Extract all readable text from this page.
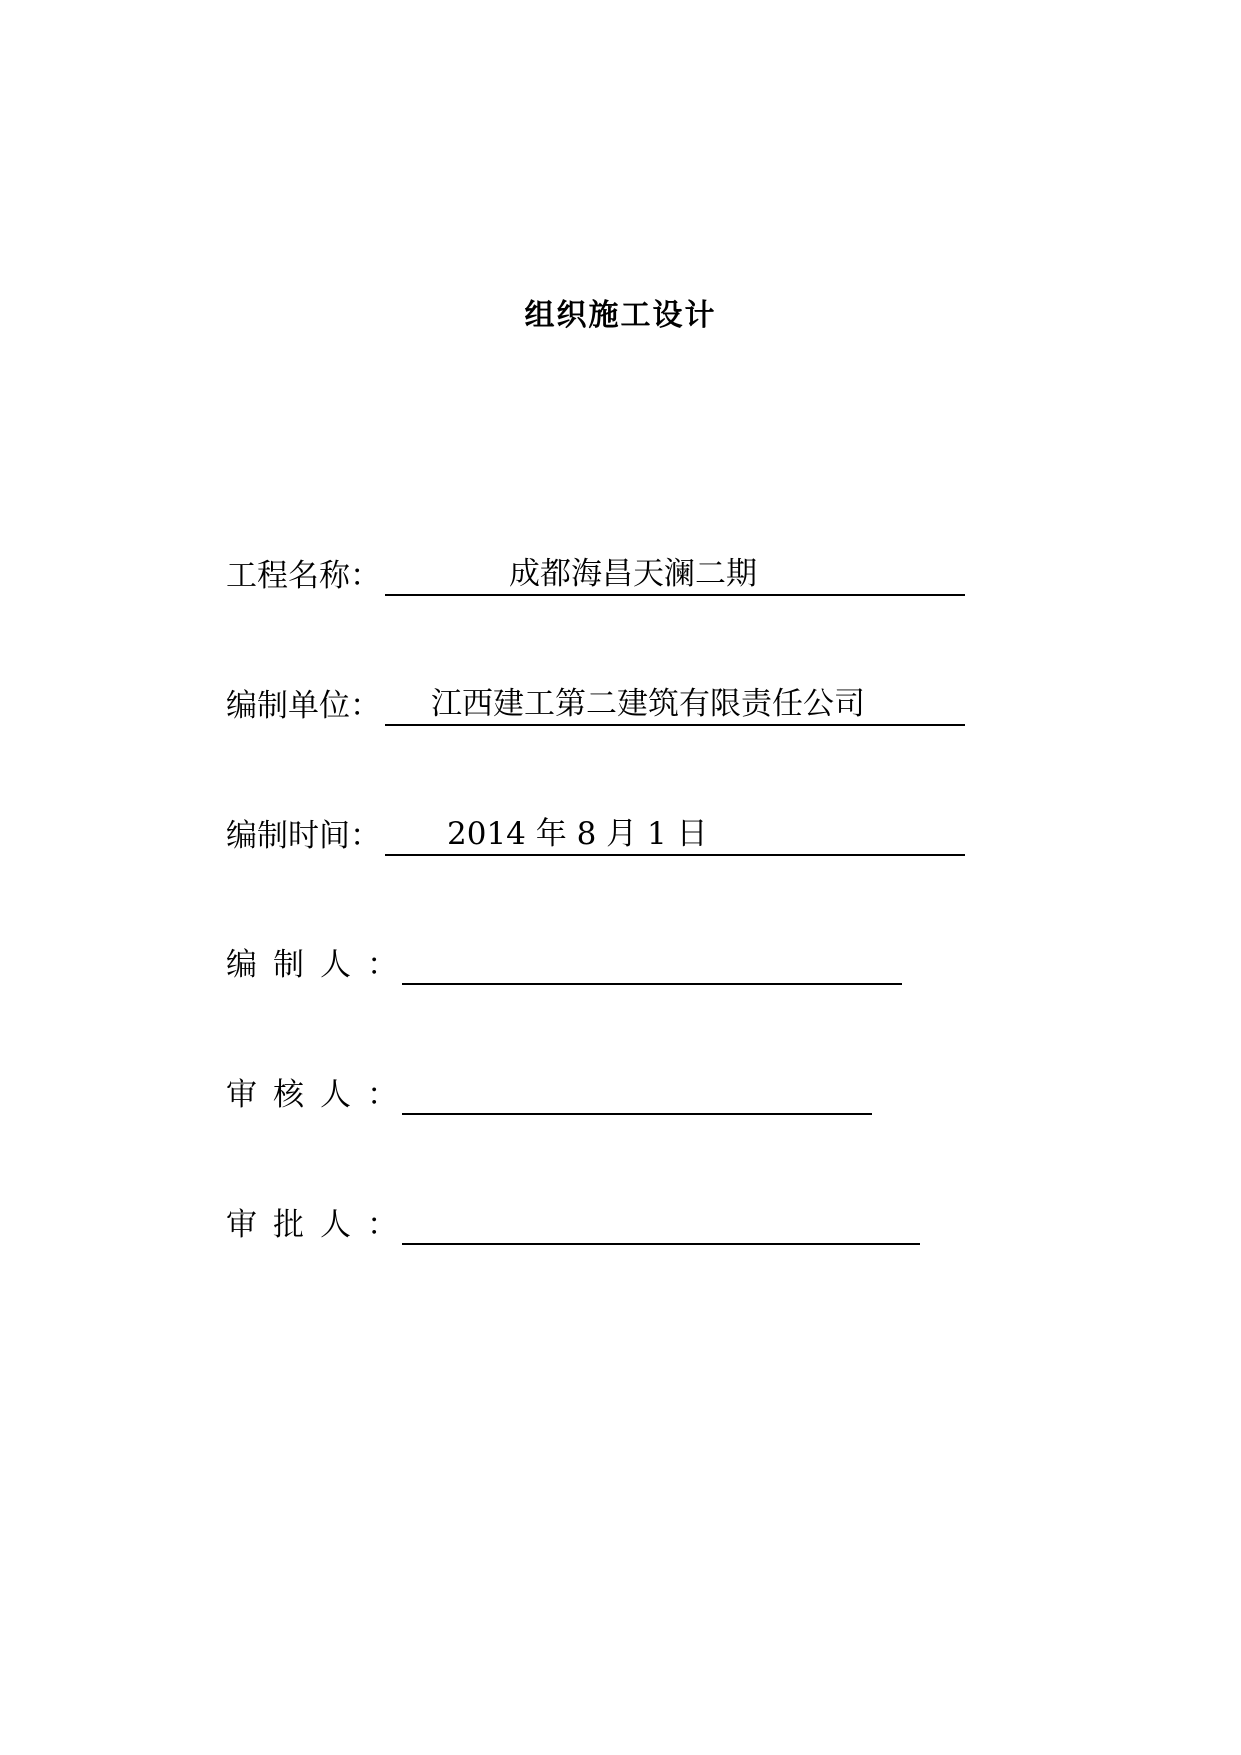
组织施工设计
工程名称：	成都海昌天澜二期
编制单位： 江西建工第二建筑有限责任公司
编制时间： 2014 年 8 月 1 日
编制人：
审核人：
审批人：
